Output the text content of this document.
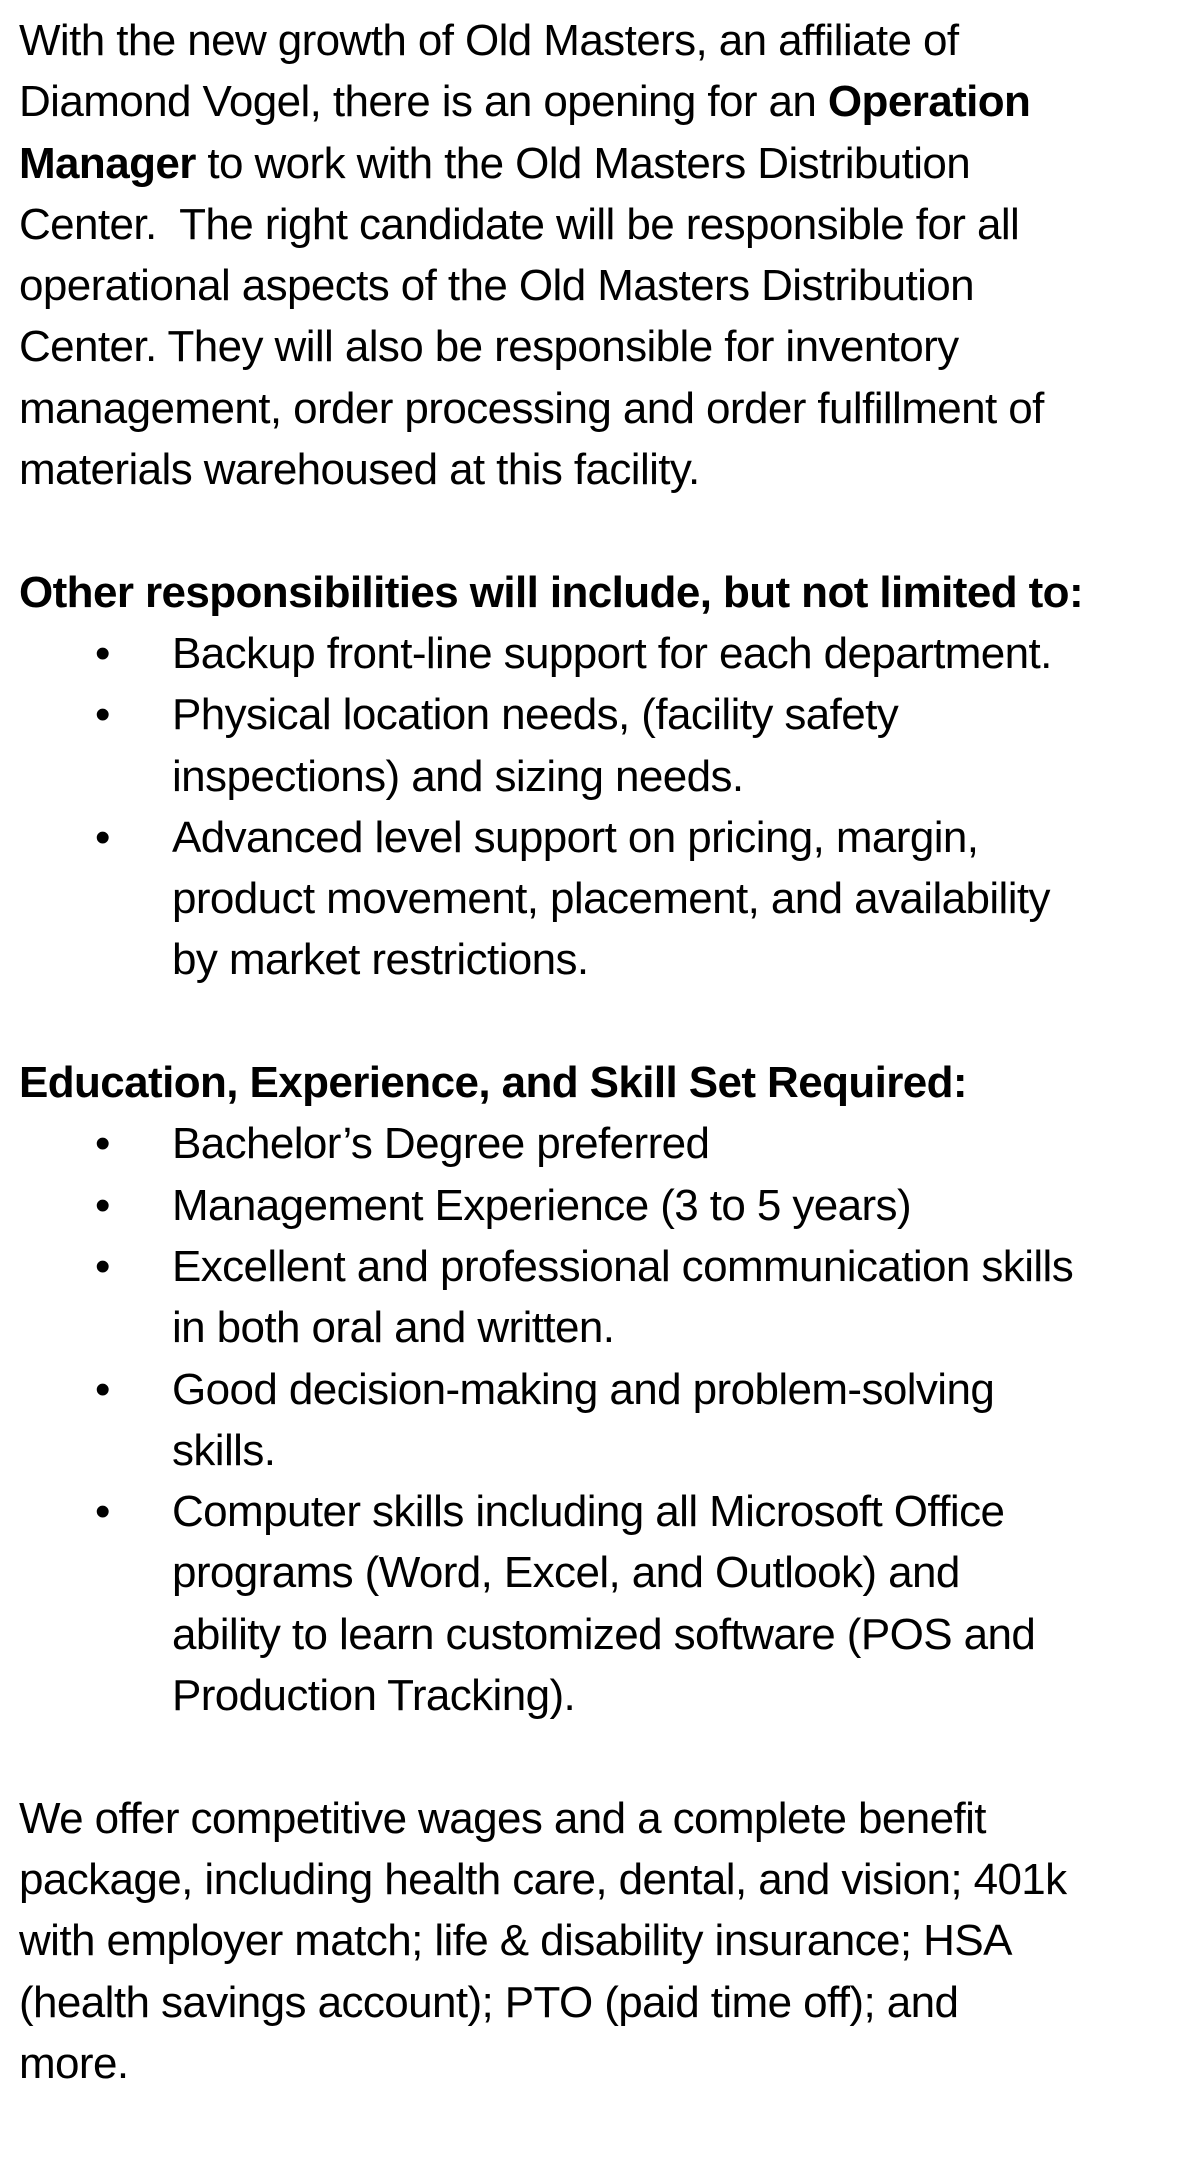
With the new growth of Old Masters, an affiliate of
Diamond Vogel, there is an opening for an Operation
Manager to work with the Old Masters Distribution
Center.  The right candidate will be responsible for all
operational aspects of the Old Masters Distribution
Center. They will also be responsible for inventory
management, order processing and order fulfillment of
materials warehoused at this facility.

Other responsibilities will include, but not limited to:

• Backup front-line support for each department.
• Physical location needs, (facility safety
inspections) and sizing needs.
• Advanced level support on pricing, margin,
product movement, placement, and availability
by market restrictions.

Education, Experience, and Skill Set Required:

• Bachelor’s Degree preferred
• Management Experience (3 to 5 years)
• Excellent and professional communication skills
in both oral and written.
• Good decision-making and problem-solving
skills.
• Computer skills including all Microsoft Office
programs (Word, Excel, and Outlook) and
ability to learn customized software (POS and
Production Tracking).

We offer competitive wages and a complete benefit
package, including health care, dental, and vision; 401k
with employer match; life & disability insurance; HSA
(health savings account); PTO (paid time off); and
more.
